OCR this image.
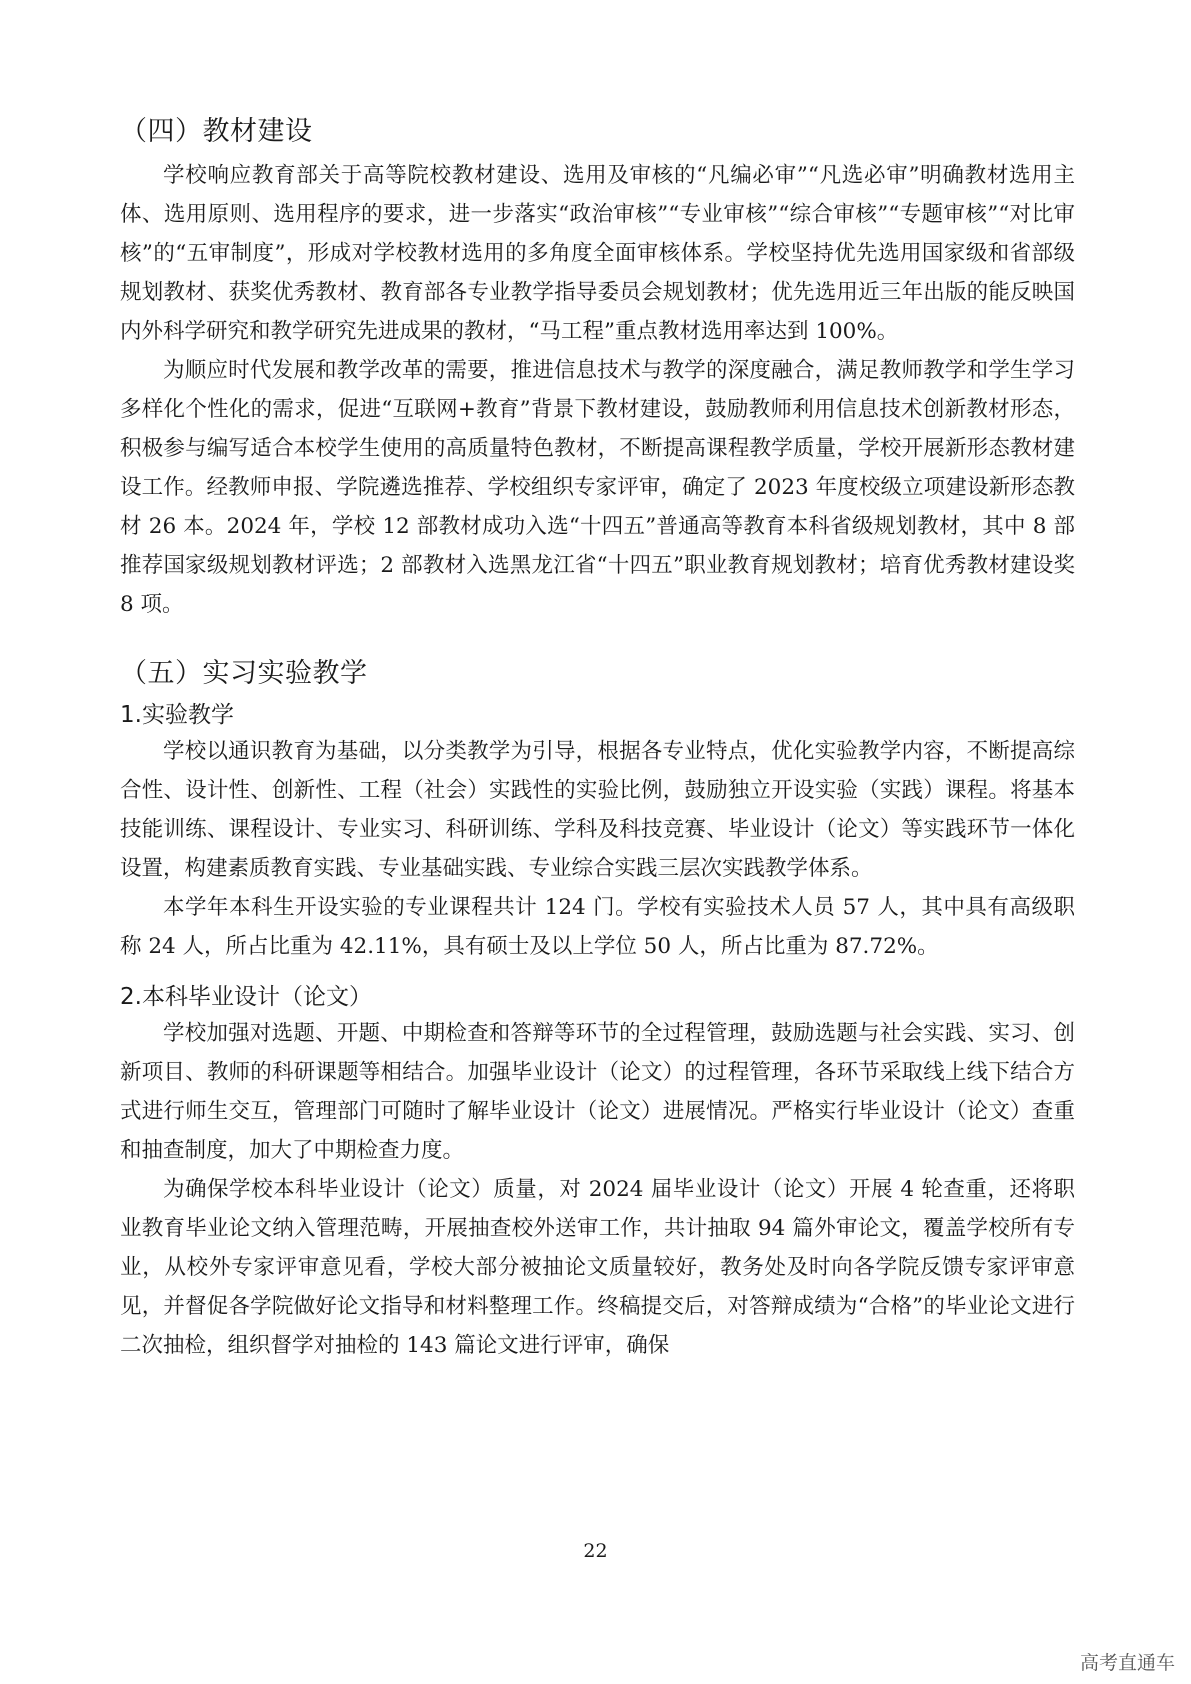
（四）教材建设

学校响应教育部关于高等院校教材建设、选用及审核的“凡编必审”“凡选必审”明确教材选用主体、选用原则、选用程序的要求，进一步落实“政治审核”“专业审核”“综合审核”“专题审核”“对比审核”的“五审制度”，形成对学校教材选用的多角度全面审核体系。学校坚持优先选用国家级和省部级规划教材、获奖优秀教材、教育部各专业教学指导委员会规划教材；优先选用近三年出版的能反映国内外科学研究和教学研究先进成果的教材，“马工程”重点教材选用率达到 100%。

为顺应时代发展和教学改革的需要，推进信息技术与教学的深度融合，满足教师教学和学生学习多样化个性化的需求，促进“互联网+教育”背景下教材建设，鼓励教师利用信息技术创新教材形态，积极参与编写适合本校学生使用的高质量特色教材，不断提高课程教学质量，学校开展新形态教材建设工作。经教师申报、学院遴选推荐、学校组织专家评审，确定了 2023 年度校级立项建设新形态教材 26 本。2024 年，学校 12 部教材成功入选“十四五”普通高等教育本科省级规划教材，其中 8 部推荐国家级规划教材评选；2 部教材入选黑龙江省“十四五”职业教育规划教材；培育优秀教材建设奖 8 项。

（五）实习实验教学
1.实验教学

学校以通识教育为基础，以分类教学为引导，根据各专业特点，优化实验教学内容，不断提高综合性、设计性、创新性、工程（社会）实践性的实验比例，鼓励独立开设实验（实践）课程。将基本技能训练、课程设计、专业实习、科研训练、学科及科技竞赛、毕业设计（论文）等实践环节一体化设置，构建素质教育实践、专业基础实践、专业综合实践三层次实践教学体系。

本学年本科生开设实验的专业课程共计 124 门。学校有实验技术人员 57 人，其中具有高级职称 24 人，所占比重为 42.11%，具有硕士及以上学位 50 人，所占比重为 87.72%。

2.本科毕业设计（论文）

学校加强对选题、开题、中期检查和答辩等环节的全过程管理，鼓励选题与社会实践、实习、创新项目、教师的科研课题等相结合。加强毕业设计（论文）的过程管理，各环节采取线上线下结合方式进行师生交互，管理部门可随时了解毕业设计（论文）进展情况。严格实行毕业设计（论文）查重和抽查制度，加大了中期检查力度。

为确保学校本科毕业设计（论文）质量，对 2024 届毕业设计（论文）开展 4 轮查重，还将职业教育毕业论文纳入管理范畴，开展抽查校外送审工作，共计抽取 94 篇外审论文，覆盖学校所有专业，从校外专家评审意见看，学校大部分被抽论文质量较好，教务处及时向各学院反馈专家评审意见，并督促各学院做好论文指导和材料整理工作。终稿提交后，对答辩成绩为“合格”的毕业论文进行二次抽检，组织督学对抽检的 143 篇论文进行评审，确保

22
高考直通车
